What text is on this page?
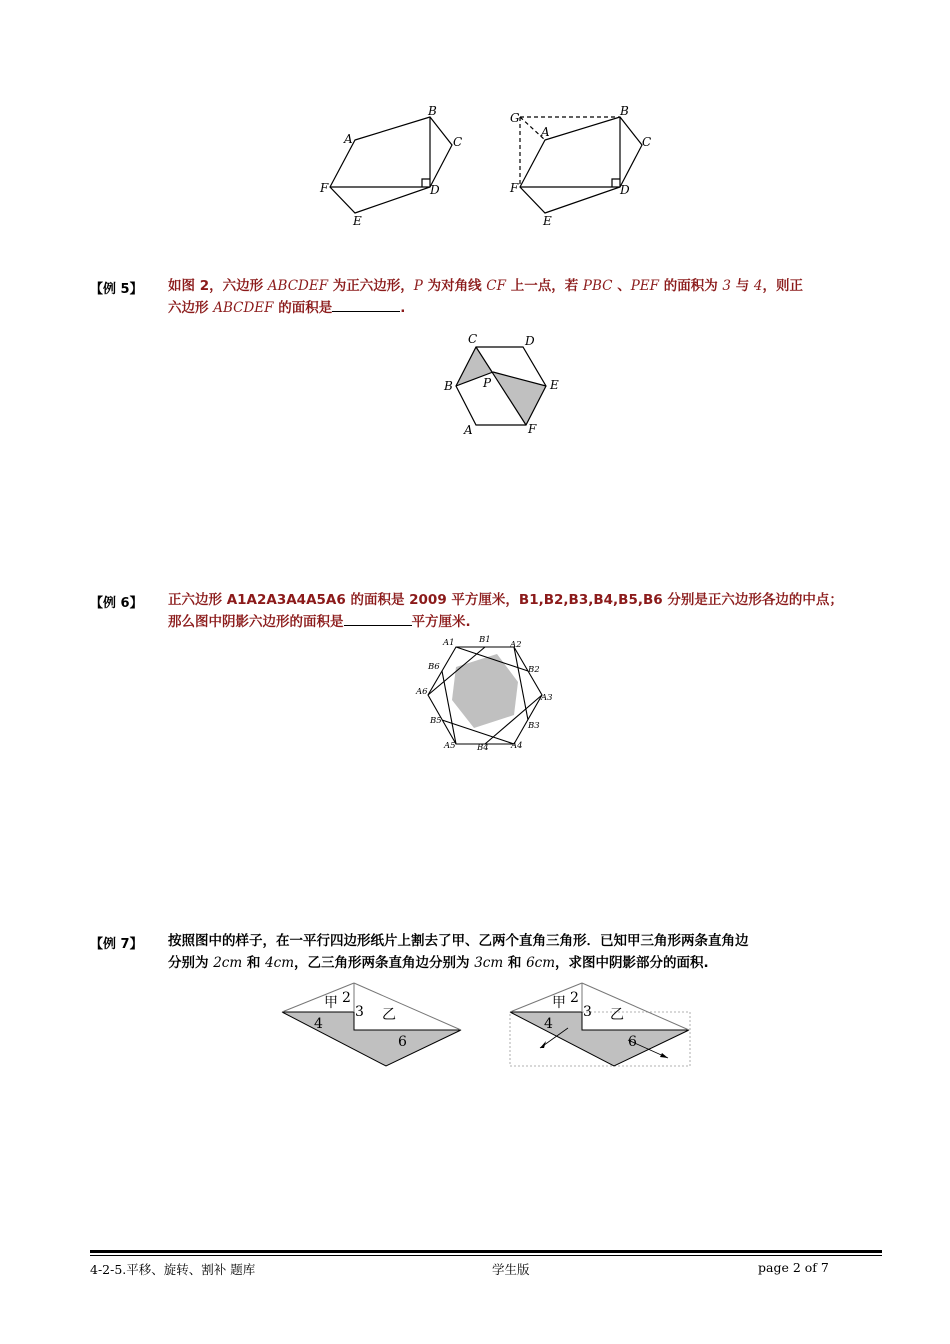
A
B
C
D
E
F
G
A
B
C
D
E
F
【例 5】 如图 2，六边形 ABCDEF 为正六边形，P 为对角线 CF 上一点，若 PBC 、PEF 的面积为 3 与 4，则正
六边形 ABCDEF 的面积是	.
C	D
B	P	E
A	F
【例 6】 正六边形 A1A2A3A4A5A6 的面积是 2009 平方厘米，B1,B2,B3,B4,B5,B6 分别是正六边形各边的中点；
那么图中阴影六边形的面积是	平方厘米.
A1	B1 A2
B6	B2
A6
A3
B5	B3
A5	B4	A4
【例 7】 按照图中的样子，在一平行四边形纸片上割去了甲、乙两个直角三角形．已知甲三角形两条直角边
分别为 2cm 和 4cm，乙三角形两条直角边分别为 3cm 和 6cm，求图中阴影部分的面积.
甲 2
3 乙
4
6
甲 2
3 乙
4
6
4-2-5.平移、旋转、割补 题库	学生版	page 2 of 7
